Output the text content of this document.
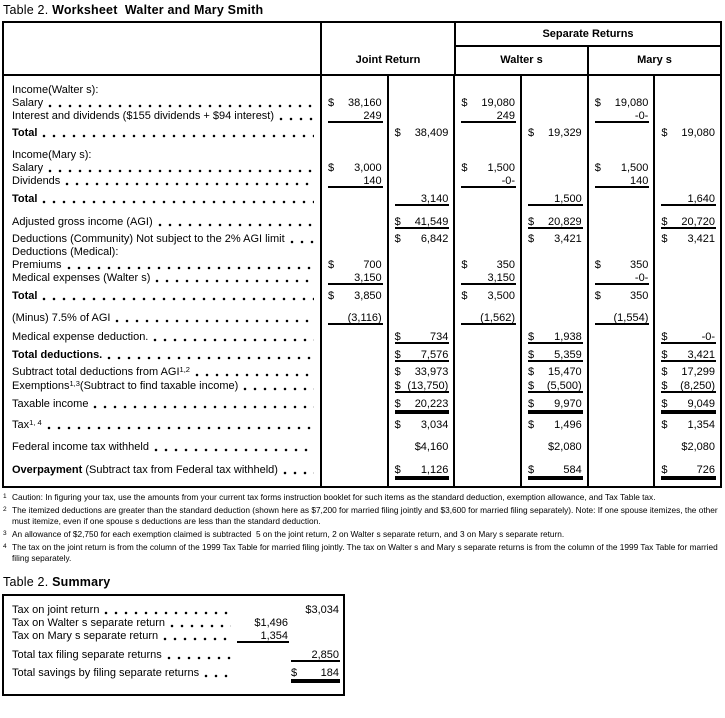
Table 2. Worksheet  Walter and Mary Smith
Joint Return
Separate Returns
Walter s	Mary s
Income(Walter s):
Salary	$ 38,160	$ 19,080	$ 19,080
Interest and dividends ($155 dividends + $94 interest)	249	249	-0-
Total	$ 38,409	$ 19,329	$ 19,080
Income(Mary s):
Salary	$ 3,000	$ 1,500	$ 1,500
Dividends	140	-0-	140
Total	3,140	1,500	1,640
Adjusted gross income (AGI)	$ 41,549	$ 20,829	$ 20,720
Deductions (Community) Not subject to the 2% AGI limit	$ 6,842	$ 3,421	$ 3,421
Deductions (Medical):
Premiums	$	700	$	350	$	350
Medical expenses (Walter s)	3,150	3,150	-0-
Total	$ 3,850	$ 3,500	$	350
(Minus) 7.5% of AGI	(3,116)	(1,562)	(1,554)
Medical expense deduction.	$	734	$ 1,938	$	-0-
Total deductions.	$ 7,576	$ 5,359	$ 3,421
Subtract total deductions from AGI$^{1,2}$	$ 33,973	$ 15,470	$ 17,299
Exemptions$^{1,3}$ (Subtract to find taxable income)	$ (13,750)	$ (5,500)	$ (8,250)
Taxable income	$ 20,223	$ 9,970	$ 9,049
Tax$^{1, 4}$	$ 3,034	$ 1,496	$ 1,354
Federal income tax withheld	$4,160	$2,080	$2,080
Overpayment (Subtract tax from Federal tax withheld)	$ 1,126	$	584	$	726
1 Caution: In figuring your tax, use the amounts from your current tax forms instruction booklet for such items as the standard deduction, exemption allowance, and Tax Table tax.
2 The itemized deductions are greater than the standard deduction (shown here as $7,200 for married filing jointly and $3,600 for married filing separately). Note: If one spouse itemizes, the other must itemize, even if one spouse s deductions are less than the standard deduction.
3 An allowance of $2,750 for each exemption claimed is subtracted  5 on the joint return, 2 on Walter s separate return, and 3 on Mary s separate return.
4 The tax on the joint return is from the column of the 1999 Tax Table for married filing jointly. The tax on Walter s and Mary s separate returns is from the column of the 1999 Tax Table for married filing separately.
Table 2. Summary
Tax on joint return	$3,034
Tax on Walter s separate return	$1,496
Tax on Mary s separate return	1,354
Total tax filing separate returns	2,850
Total savings by filing separate returns	$ 184
